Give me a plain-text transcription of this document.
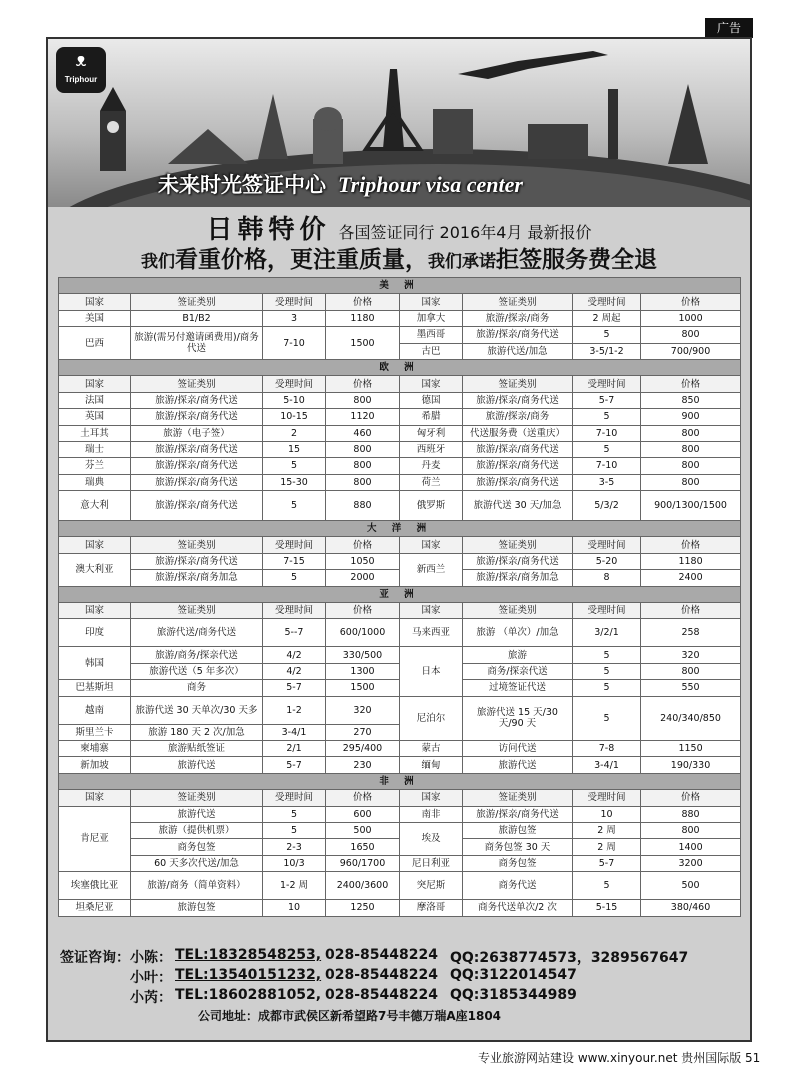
广告
ᴥ
Triphour
未来时光签证中心 Triphour visa center
日韩特价 各国签证同行 2016年4月 最新报价
我们看重价格，更注重质量，我们承诺拒签服务费全退
美 洲							
国家	签证类别	受理时间	价格	国家	签证类别	受理时间	价格
美国	B1/B2	3	1180	加拿大	旅游/探亲/商务	2 周起	1000
巴西	旅游(需另付邀请函费用)/商务代送	7-10	1500	墨西哥	旅游/探亲/商务代送	5	800
				古巴	旅游代送/加急	3-5/1-2	700/900
欧 洲							
国家	签证类别	受理时间	价格	国家	签证类别	受理时间	价格
法国	旅游/探亲/商务代送	5-10	800	德国	旅游/探亲/商务代送	5-7	850
英国	旅游/探亲/商务代送	10-15	1120	希腊	旅游/探亲/商务	5	900
土耳其	旅游（电子签）	2	460	匈牙利	代送服务费（送重庆）	7-10	800
瑞士	旅游/探亲/商务代送	15	800	西班牙	旅游/探亲/商务代送	5	800
芬兰	旅游/探亲/商务代送	5	800	丹麦	旅游/探亲/商务代送	7-10	800
瑞典	旅游/探亲/商务代送	15-30	800	荷兰	旅游/探亲/商务代送	3-5	800
意大利	旅游/探亲/商务代送	5	880	俄罗斯	旅游代送 30 天/加急	5/3/2	900/1300/1500
大 洋 洲							
国家	签证类别	受理时间	价格	国家	签证类别	受理时间	价格
澳大利亚	旅游/探亲/商务代送	7-15	1050	新西兰	旅游/探亲/商务代送	5-20	1180
	旅游/探亲/商务加急	5	2000		旅游/探亲/商务加急	8	2400
亚 洲							
国家	签证类别	受理时间	价格	国家	签证类别	受理时间	价格
印度	旅游代送/商务代送	5--7	600/1000	马来西亚	旅游 （单次）/加急	3/2/1	258
韩国	旅游/商务/探亲代送	4/2	330/500	日本	旅游	5	320
	旅游代送（5 年多次）	4/2	1300		商务/探亲代送	5	800
巴基斯坦	商务	5-7	1500		过境签证代送	5	550
越南	旅游代送 30 天单次/30 天多	1-2	320	尼泊尔	旅游代送 15 天/30 天/90 天	5	240/340/850
斯里兰卡	旅游 180 天 2 次/加急	3-4/1	270				
柬埔寨	旅游贴纸签证	2/1	295/400	蒙古	访问代送	7-8	1150
新加坡	旅游代送	5-7	230	缅甸	旅游代送	3-4/1	190/330
非 洲							
国家	签证类别	受理时间	价格	国家	签证类别	受理时间	价格
肯尼亚	旅游代送	5	600	南非	旅游/探亲/商务代送	10	880
	旅游（提供机票）	5	500	埃及	旅游包签	2 周	800
	商务包签	2-3	1650		商务包签 30 天	2 周	1400
	60 天多次代送/加急	10/3	960/1700	尼日利亚	商务包签	5-7	3200
埃塞俄比亚	旅游/商务（简单资料）	1-2 周	2400/3600	突尼斯	商务代送	5	500
坦桑尼亚	旅游包签	10	1250	摩洛哥	商务代送单次/2 次	5-15	380/460
签证咨询： 小陈： TEL:18328548253, 028-85448224 QQ:2638774573，3289567647
小叶： TEL:13540151232, 028-85448224 QQ:3122014547
小芮： TEL:18602881052, 028-85448224 QQ:3185344989
公司地址：成都市武侯区新希望路7号丰德万瑞A座1804
专业旅游网站建设 www.xinyour.net 贵州国际版 51
